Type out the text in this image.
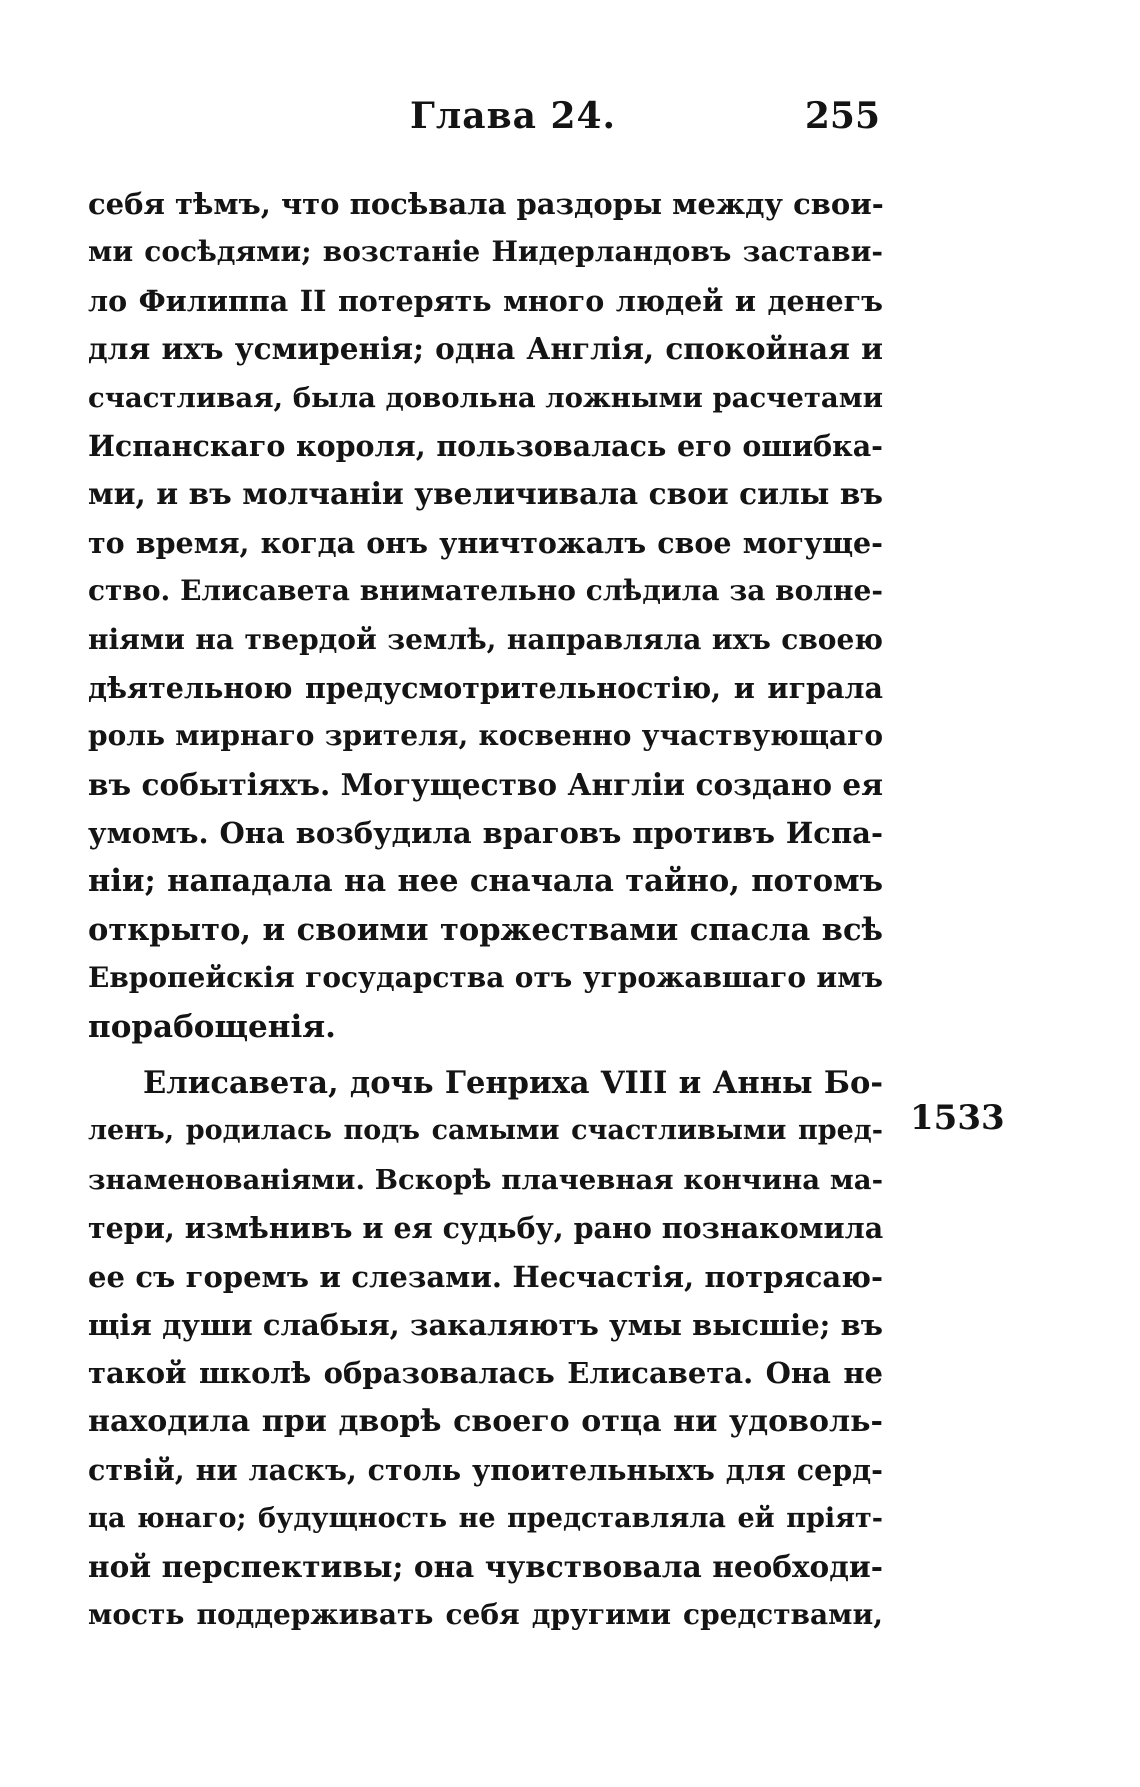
Глава 24.	255
себя тѣмъ, что посѣвала раздоры между свои-
ми сосѣдями; возстаніе Нидерландовъ застави-
ло Филиппа II потерять много людей и денегъ
для ихъ усмиренія; одна Англія, спокойная и
счастливая, была довольна ложными расчетами
Испанскаго короля, пользовалась его ошибка-
ми, и въ молчаніи увеличивала свои силы въ
то время, когда онъ уничтожалъ свое могуще-
ство. Елисавета внимательно слѣдила за волне-
ніями на твердой землѣ, направляла ихъ своею
дѣятельною предусмотрительностію, и играла
роль мирнаго зрителя, косвенно участвующаго
въ событіяхъ. Могущество Англіи создано ея
умомъ. Она возбудила враговъ противъ Испа-
ніи; нападала на нее сначала тайно, потомъ
открыто, и своими торжествами спасла всѣ
Европейскія государства отъ угрожавшаго имъ
порабощенія.
Елисавета, дочь Генриха VIII и Анны Бо-
ленъ, родилась подъ самыми счастливыми пред-
знаменованіями. Вскорѣ плачевная кончина ма-
тери, измѣнивъ и ея судьбу, рано познакомила
ее съ горемъ и слезами. Несчастія, потрясаю-
щія души слабыя, закаляютъ умы высшіе; въ
такой школѣ образовалась Елисавета. Она не
находила при дворѣ своего отца ни удоволь-
ствій, ни ласкъ, столь упоительныхъ для серд-
ца юнаго; будущность не представляла ей пріят-
ной перспективы; она чувствовала необходи-
мость поддерживать себя другими средствами,
1533
